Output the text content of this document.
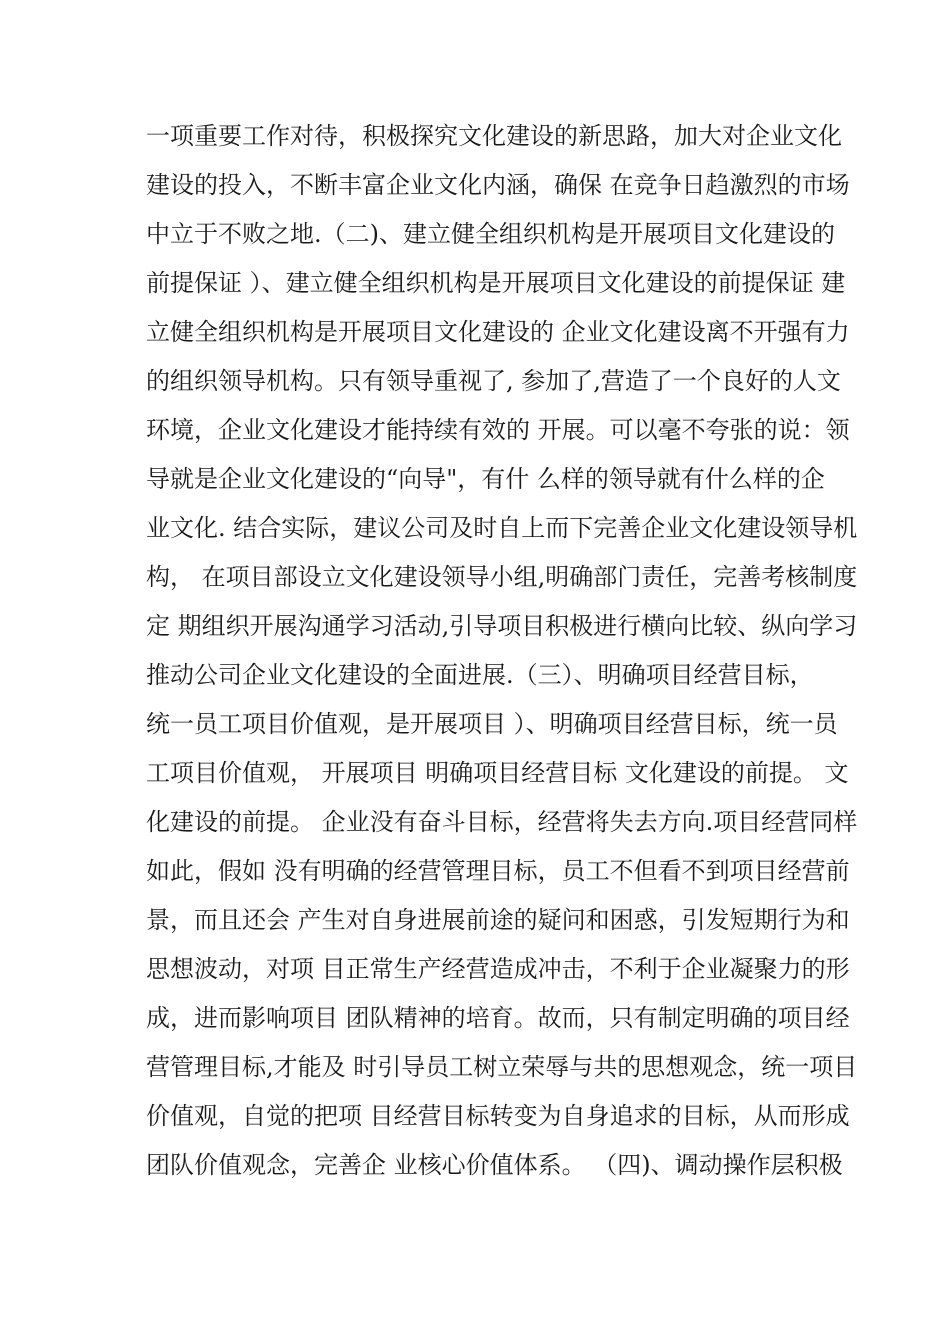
一项重要工作对待，积极探究文化建设的新思路，加大对企业文化
建设的投入，不断丰富企业文化内涵，确保 在竞争日趋激烈的市场
中立于不败之地.（二)、建立健全组织机构是开展项目文化建设的
前提保证 ）、建立健全组织机构是开展项目文化建设的前提保证 建
立健全组织机构是开展项目文化建设的 企业文化建设离不开强有力
的组织领导机构。只有领导重视了, 参加了,营造了一个良好的人文
环境，企业文化建设才能持续有效的 开展。可以毫不夸张的说：领
导就是企业文化建设的“向导"，有什 么样的领导就有什么样的企
业文化. 结合实际，建议公司及时自上而下完善企业文化建设领导机
构， 在项目部设立文化建设领导小组,明确部门责任，完善考核制度
定 期组织开展沟通学习活动,引导项目积极进行横向比较、纵向学习
推动公司企业文化建设的全面进展.（三）、明确项目经营目标，
统一员工项目价值观，是开展项目 ）、明确项目经营目标，统一员
工项目价值观， 开展项目 明确项目经营目标 文化建设的前提。 文
化建设的前提。 企业没有奋斗目标，经营将失去方向.项目经营同样
如此，假如 没有明确的经营管理目标，员工不但看不到项目经营前
景，而且还会 产生对自身进展前途的疑问和困惑，引发短期行为和
思想波动，对项 目正常生产经营造成冲击，不利于企业凝聚力的形
成，进而影响项目 团队精神的培育。故而，只有制定明确的项目经
营管理目标,才能及 时引导员工树立荣辱与共的思想观念，统一项目
价值观，自觉的把项 目经营目标转变为自身追求的目标，从而形成
团队价值观念，完善企 业核心价值体系。 （四)、调动操作层积极
